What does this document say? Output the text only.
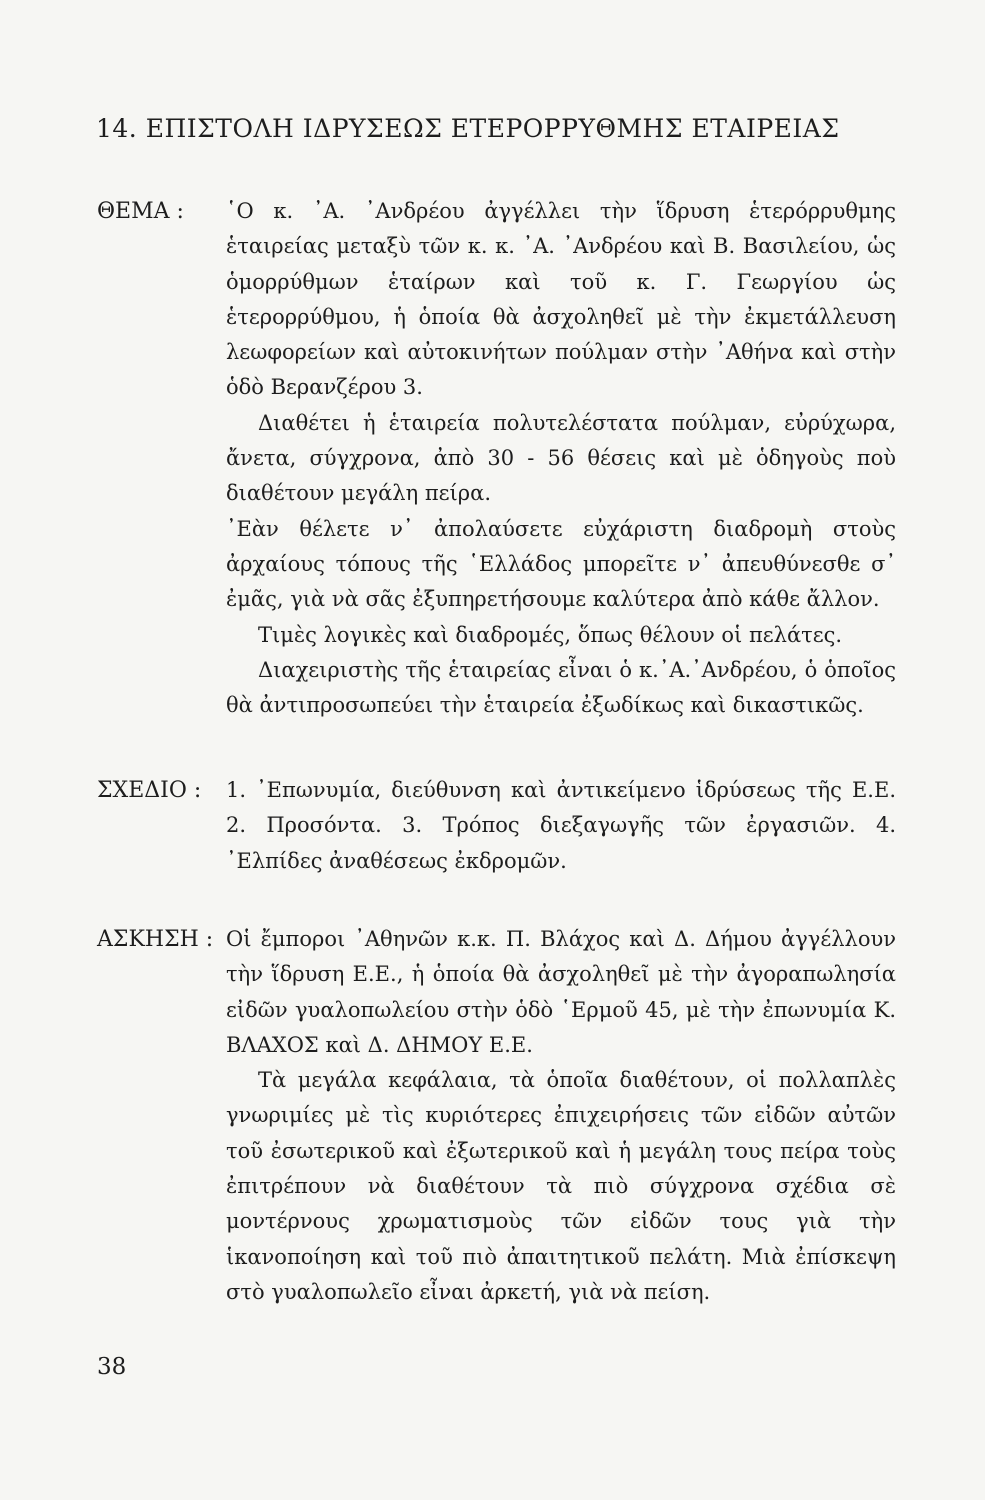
14. ΕΠΙΣΤΟΛΗ ΙΔΡΥΣΕΩΣ ΕΤΕΡΟΡΡΥΘΜΗΣ ΕΤΑΙΡΕΙΑΣ
ΘΕΜΑ : ῾Ο κ. ᾿Α. ᾿Ανδρέου ἀγγέλλει τὴν ἵδρυση ἑτερόρρυθμης ἑταιρείας μεταξὺ τῶν κ. κ. ᾿Α. ᾿Ανδρέου καὶ Β. Βασιλείου, ὡς ὁμορρύθμων ἑταίρων καὶ τοῦ κ. Γ. Γεωργίου ὡς ἑτερορρύθμου, ἡ ὁποία θὰ ἀσχοληθεῖ μὲ τὴν ἐκμετάλλευση λεωφορείων καὶ αὐτοκινήτων πούλμαν στὴν ᾿Αθήνα καὶ στὴν ὁδὸ Βερανζέρου 3.

Διαθέτει ἡ ἑταιρεία πολυτελέστατα πούλμαν, εὐρύχωρα, ἄνετα, σύγχρονα, ἀπὸ 30 - 56 θέσεις καὶ μὲ ὁδηγοὺς ποὺ διαθέτουν μεγάλη πείρα.

᾿Εὰν θέλετε ν᾿ ἀπολαύσετε εὐχάριστη διαδρομὴ στοὺς ἀρχαίους τόπους τῆς ῾Ελλάδος μπορεῖτε ν᾿ ἀπευθύνεσθε σ᾿ ἐμᾶς, γιὰ νὰ σᾶς ἐξυπηρετήσουμε καλύτερα ἀπὸ κάθε ἄλλον.

Τιμὲς λογικὲς καὶ διαδρομές, ὅπως θέλουν οἱ πελάτες.

Διαχειριστὴς τῆς ἑταιρείας εἶναι ὁ κ.᾿Α.᾿Ανδρέου, ὁ ὁποῖος θὰ ἀντιπροσωπεύει τὴν ἑταιρεία ἐξωδίκως καὶ δικαστικῶς.

ΣΧΕΔΙΟ : 1. ᾿Επωνυμία, διεύθυνση καὶ ἀντικείμενο ἱδρύσεως τῆς Ε.Ε. 2. Προσόντα. 3. Τρόπος διεξαγωγῆς τῶν ἐργασιῶν. 4. ᾿Ελπίδες ἀναθέσεως ἐκδρομῶν.

ΑΣΚΗΣΗ : Οἱ ἔμποροι ᾿Αθηνῶν κ.κ. Π. Βλάχος καὶ Δ. Δήμου ἀγγέλλουν τὴν ἵδρυση Ε.Ε., ἡ ὁποία θὰ ἀσχοληθεῖ μὲ τὴν ἀγοραπωλησία εἰδῶν γυαλοπωλείου στὴν ὁδὸ ῾Ερμοῦ 45, μὲ τὴν ἐπωνυμία Κ. ΒΛΑΧΟΣ καὶ Δ. ΔΗΜΟΥ Ε.Ε.

Τὰ μεγάλα κεφάλαια, τὰ ὁποῖα διαθέτουν, οἱ πολλαπλὲς γνωριμίες μὲ τὶς κυριότερες ἐπιχειρήσεις τῶν εἰδῶν αὐτῶν τοῦ ἐσωτερικοῦ καὶ ἐξωτερικοῦ καὶ ἡ μεγάλη τους πείρα τοὺς ἐπιτρέπουν νὰ διαθέτουν τὰ πιὸ σύγχρονα σχέδια σὲ μοντέρνους χρωματισμοὺς τῶν εἰδῶν τους γιὰ τὴν ἱκανοποίηση καὶ τοῦ πιὸ ἀπαιτητικοῦ πελάτη. Μιὰ ἐπίσκεψη στὸ γυαλοπωλεῖο εἶναι ἀρκετή, γιὰ νὰ πείση.

38
